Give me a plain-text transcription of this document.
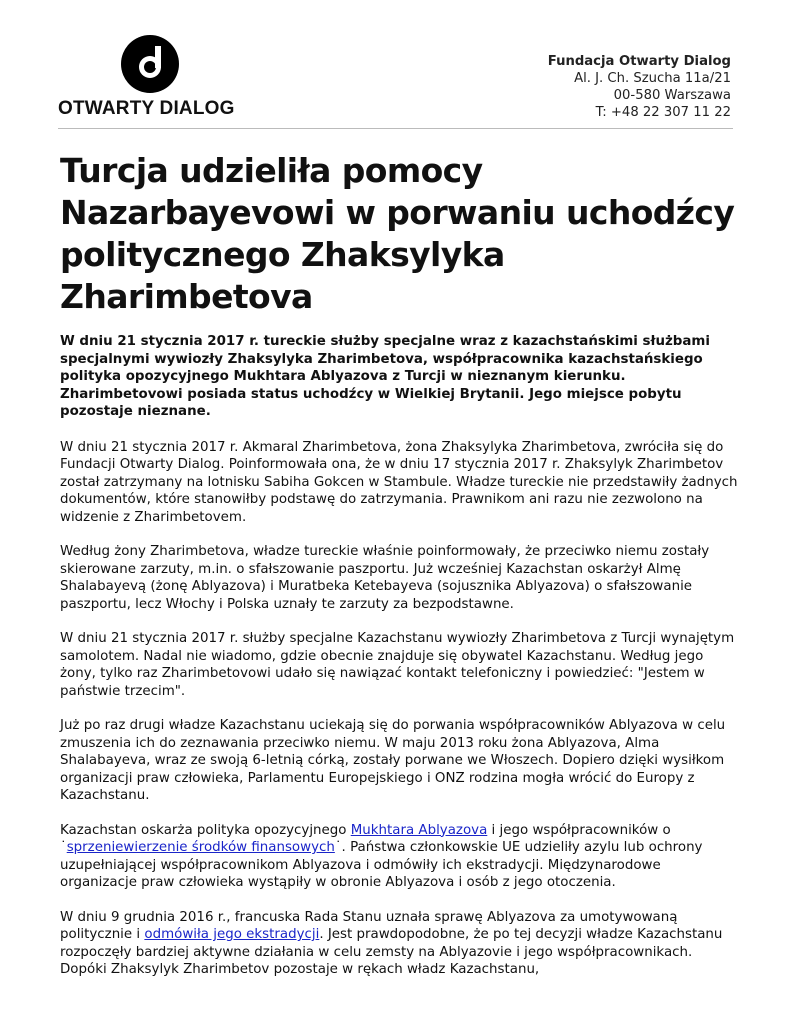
OTWARTY DIALOG
Fundacja Otwarty Dialog
Al. J. Ch. Szucha 11a/21
00-580 Warszawa
T: +48 22 307 11 22
Turcja udzieliła pomocy Nazarbayevowi w porwaniu uchodźcy politycznego Zhaksylyka Zharimbetova

W dniu 21 stycznia 2017 r. tureckie służby specjalne wraz z kazachstańskimi służbami specjalnymi wywiozły Zhaksylyka Zharimbetova, współpracownika kazachstańskiego polityka opozycyjnego Mukhtara Ablyazova z Turcji w nieznanym kierunku. Zharimbetovowi posiada status uchodźcy w Wielkiej Brytanii. Jego miejsce pobytu pozostaje nieznane.

W dniu 21 stycznia 2017 r. Akmaral Zharimbetova, żona Zhaksylyka Zharimbetova, zwróciła się do Fundacji Otwarty Dialog. Poinformowała ona, że w dniu 17 stycznia 2017 r. Zhaksylyk Zharimbetov został zatrzymany na lotnisku Sabiha Gokcen w Stambule. Władze tureckie nie przedstawiły żadnych dokumentów, które stanowiłby podstawę do zatrzymania. Prawnikom ani razu nie zezwolono na widzenie z Zharimbetovem.

Według żony Zharimbetova, władze tureckie właśnie poinformowały, że przeciwko niemu zostały skierowane zarzuty, m.in. o sfałszowanie paszportu. Już wcześniej Kazachstan oskarżył Almę Shalabayevą (żonę Ablyazova) i Muratbeka Ketebayeva (sojusznika Ablyazova) o sfałszowanie paszportu, lecz Włochy i Polska uznały te zarzuty za bezpodstawne.

W dniu 21 stycznia 2017 r. służby specjalne Kazachstanu wywiozły Zharimbetova z Turcji wynajętym samolotem. Nadal nie wiadomo, gdzie obecnie znajduje się obywatel Kazachstanu. Według jego żony, tylko raz Zharimbetovowi udało się nawiązać kontakt telefoniczny i powiedzieć: "Jestem w państwie trzecim".

Już po raz drugi władze Kazachstanu uciekają się do porwania współpracowników Ablyazova w celu zmuszenia ich do zeznawania przeciwko niemu. W maju 2013 roku żona Ablyazova, Alma Shalabayeva, wraz ze swoją 6-letnią córką, zostały porwane we Włoszech. Dopiero dzięki wysiłkom organizacji praw człowieka, Parlamentu Europejskiego i ONZ rodzina mogła wrócić do Europy z Kazachstanu.

Kazachstan oskarża polityka opozycyjnego Mukhtara Ablyazova i jego współpracowników o ˙sprzeniewierzenie środków finansowych˙. Państwa członkowskie UE udzieliły azylu lub ochrony uzupełniającej współpracownikom Ablyazova i odmówiły ich ekstradycji. Międzynarodowe organizacje praw człowieka wystąpiły w obronie Ablyazova i osób z jego otoczenia.

W dniu 9 grudnia 2016 r., francuska Rada Stanu uznała sprawę Ablyazova za umotywowaną politycznie i odmówiła jego ekstradycji. Jest prawdopodobne, że po tej decyzji władze Kazachstanu rozpoczęły bardziej aktywne działania w celu zemsty na Ablyazovie i jego współpracownikach. Dopóki Zhaksylyk Zharimbetov pozostaje w rękach władz Kazachstanu,
